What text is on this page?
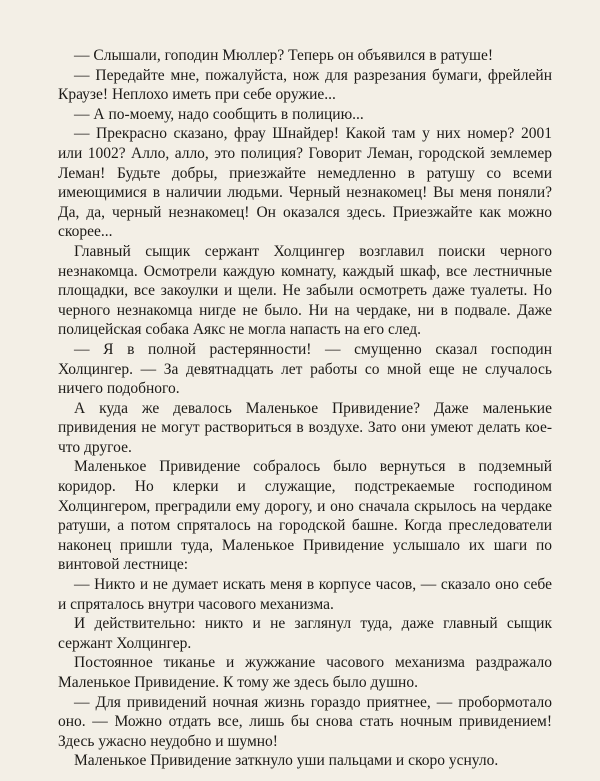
— Слышали, гоподин Мюллер? Теперь он объявился в ратуше!

— Передайте мне, пожалуйста, нож для разрезания бумаги, фрейлейн Краузе! Неплохо иметь при себе оружие...

— А по-моему, надо сообщить в полицию...

— Прекрасно сказано, фрау Шнайдер! Какой там у них номер? 2001 или 1002? Алло, алло, это полиция? Говорит Леман, городской землемер Леман! Будьте добры, приезжайте немедленно в ратушу со всеми имеющимися в наличии людьми. Черный незнакомец! Вы меня поняли? Да, да, черный незнакомец! Он оказался здесь. Приезжайте как можно скорее...

Главный сыщик сержант Холцингер возглавил поиски черного незнакомца. Осмотрели каждую комнату, каждый шкаф, все лестничные площадки, все закоулки и щели. Не забыли осмотреть даже туалеты. Но черного незнакомца нигде не было. Ни на чердаке, ни в подвале. Даже полицейская собака Аякс не могла напасть на его след.

— Я в полной растерянности! — смущенно сказал господин Холцингер. — За девятнадцать лет работы со мной еще не случалось ничего подобного.

А куда же девалось Маленькое Привидение? Даже маленькие привидения не могут раствориться в воздухе. Зато они умеют делать кое-что другое.

Маленькое Привидение собралось было вернуться в подземный коридор. Но клерки и служащие, подстрекаемые господином Холцингером, преградили ему дорогу, и оно сначала скрылось на чердаке ратуши, а потом спряталось на городской башне. Когда преследователи наконец пришли туда, Маленькое Привидение услышало их шаги по винтовой лестнице:

— Никто и не думает искать меня в корпусе часов, — сказало оно себе и спряталось внутри часового механизма.

И действительно: никто и не заглянул туда, даже главный сыщик сержант Холцингер.

Постоянное тиканье и жужжание часового механизма раздражало Маленькое Привидение. К тому же здесь было душно.

— Для привидений ночная жизнь гораздо приятнее, — пробормотало оно. — Можно отдать все, лишь бы снова стать ночным привидением! Здесь ужасно неудобно и шумно!

Маленькое Привидение заткнуло уши пальцами и скоро уснуло.
